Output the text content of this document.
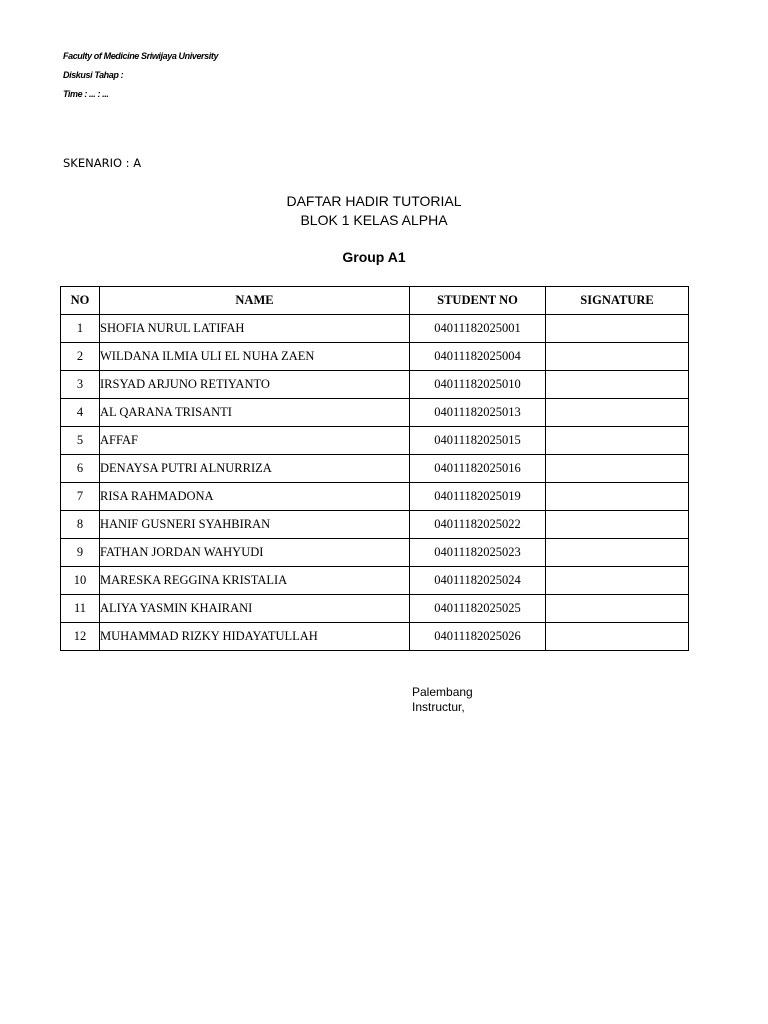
Faculty of Medicine Sriwijaya University
Diskusi Tahap :
Time : ... : ...
SKENARIO : A
DAFTAR HADIR TUTORIAL
BLOK 1 KELAS ALPHA
Group A1
NO	NAME	STUDENT NO	SIGNATURE
1	SHOFIA NURUL LATIFAH	04011182025001	
2	WILDANA ILMIA ULI EL NUHA ZAEN	04011182025004	
3	IRSYAD ARJUNO RETIYANTO	04011182025010	
4	AL QARANA TRISANTI	04011182025013	
5	AFFAF	04011182025015	
6	DENAYSA PUTRI ALNURRIZA	04011182025016	
7	RISA RAHMADONA	04011182025019	
8	HANIF GUSNERI SYAHBIRAN	04011182025022	
9	FATHAN JORDAN WAHYUDI	04011182025023	
10	MARESKA REGGINA KRISTALIA	04011182025024	
11	ALIYA YASMIN KHAIRANI	04011182025025	
12	MUHAMMAD RIZKY HIDAYATULLAH	04011182025026	
Palembang
Instructur,
